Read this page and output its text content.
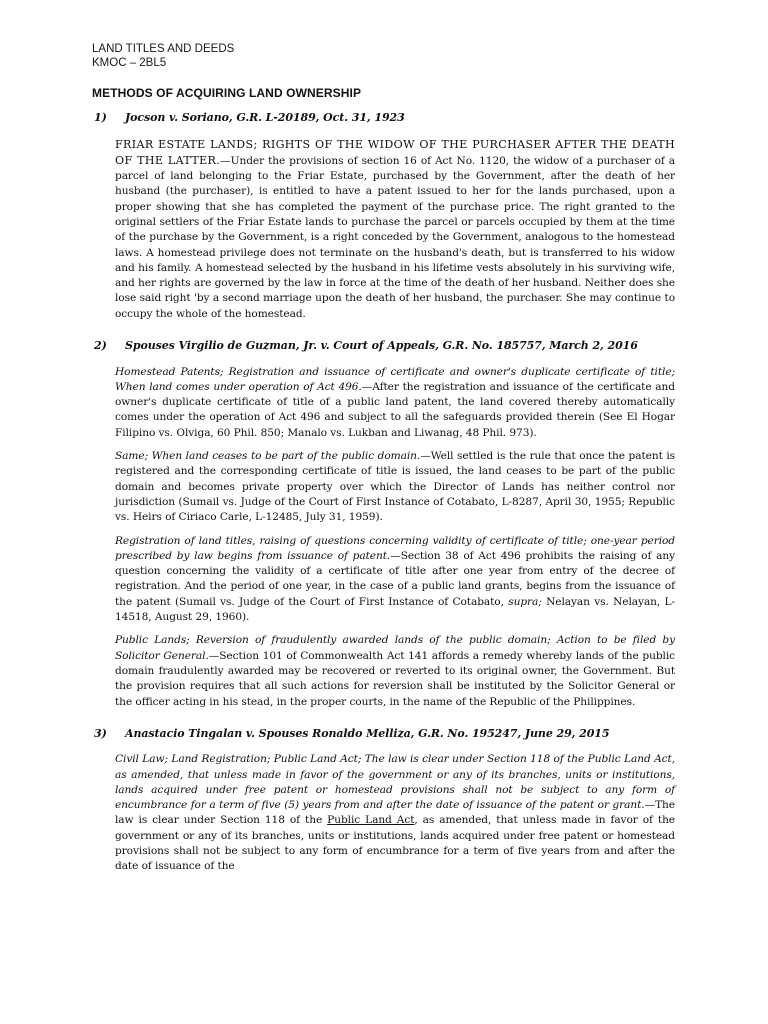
LAND TITLES AND DEEDS
KMOC – 2BL5
METHODS OF ACQUIRING LAND OWNERSHIP
1) Jocson v. Soriano, G.R. L-20189, Oct. 31, 1923

FRIAR ESTATE LANDS; RIGHTS OF THE WIDOW OF THE PURCHASER AFTER THE DEATH OF THE LATTER.—Under the provisions of section 16 of Act No. 1120, the widow of a purchaser of a parcel of land belonging to the Friar Estate, purchased by the Government, after the death of her husband (the purchaser), is entitled to have a patent issued to her for the lands purchased, upon a proper showing that she has completed the payment of the purchase price. The right granted to the original settlers of the Friar Estate lands to purchase the parcel or parcels occupied by them at the time of the purchase by the Government, is a right conceded by the Government, analogous to the homestead laws. A homestead privilege does not terminate on the husband's death, but is transferred to his widow and his family. A homestead selected by the husband in his lifetime vests absolutely in his surviving wife, and her rights are governed by the law in force at the time of the death of her husband. Neither does she lose said right 'by a second marriage upon the death of her husband, the purchaser. She may continue to occupy the whole of the homestead.

2) Spouses Virgilio de Guzman, Jr. v. Court of Appeals, G.R. No. 185757, March 2, 2016

Homestead Patents; Registration and issuance of certificate and owner's duplicate certificate of title; When land comes under operation of Act 496.—After the registration and issuance of the certificate and owner's duplicate certificate of title of a public land patent, the land covered thereby automatically comes under the operation of Act 496 and subject to all the safeguards provided therein (See El Hogar Filipino vs. Olviga, 60 Phil. 850; Manalo vs. Lukban and Liwanag, 48 Phil. 973).

Same; When land ceases to be part of the public domain.—Well settled is the rule that once the patent is registered and the corresponding certificate of title is issued, the land ceases to be part of the public domain and becomes private property over which the Director of Lands has neither control nor jurisdiction (Sumail vs. Judge of the Court of First Instance of Cotabato, L-8287, April 30, 1955; Republic vs. Heirs of Ciriaco Carle, L-12485, July 31, 1959).

Registration of land titles, raising of questions concerning validity of certificate of title; one-year period prescribed by law begins from issuance of patent.—Section 38 of Act 496 prohibits the raising of any question concerning the validity of a certificate of title after one year from entry of the decree of registration. And the period of one year, in the case of a public land grants, begins from the issuance of the patent (Sumail vs. Judge of the Court of First Instance of Cotabato, supra; Nelayan vs. Nelayan, L-14518, August 29, 1960).

Public Lands; Reversion of fraudulently awarded lands of the public domain; Action to be filed by Solicitor General.—Section 101 of Commonwealth Act 141 affords a remedy whereby lands of the public domain fraudulently awarded may be recovered or reverted to its original owner, the Government. But the provision requires that all such actions for reversion shall be instituted by the Solicitor General or the officer acting in his stead, in the proper courts, in the name of the Republic of the Philippines.

3) Anastacio Tingalan v. Spouses Ronaldo Melliza, G.R. No. 195247, June 29, 2015

Civil Law; Land Registration; Public Land Act; The law is clear under Section 118 of the Public Land Act, as amended, that unless made in favor of the government or any of its branches, units or institutions, lands acquired under free patent or homestead provisions shall not be subject to any form of encumbrance for a term of five (5) years from and after the date of issuance of the patent or grant.—The law is clear under Section 118 of the Public Land Act, as amended, that unless made in favor of the government or any of its branches, units or institutions, lands acquired under free patent or homestead provisions shall not be subject to any form of encumbrance for a term of five years from and after the date of issuance of the
